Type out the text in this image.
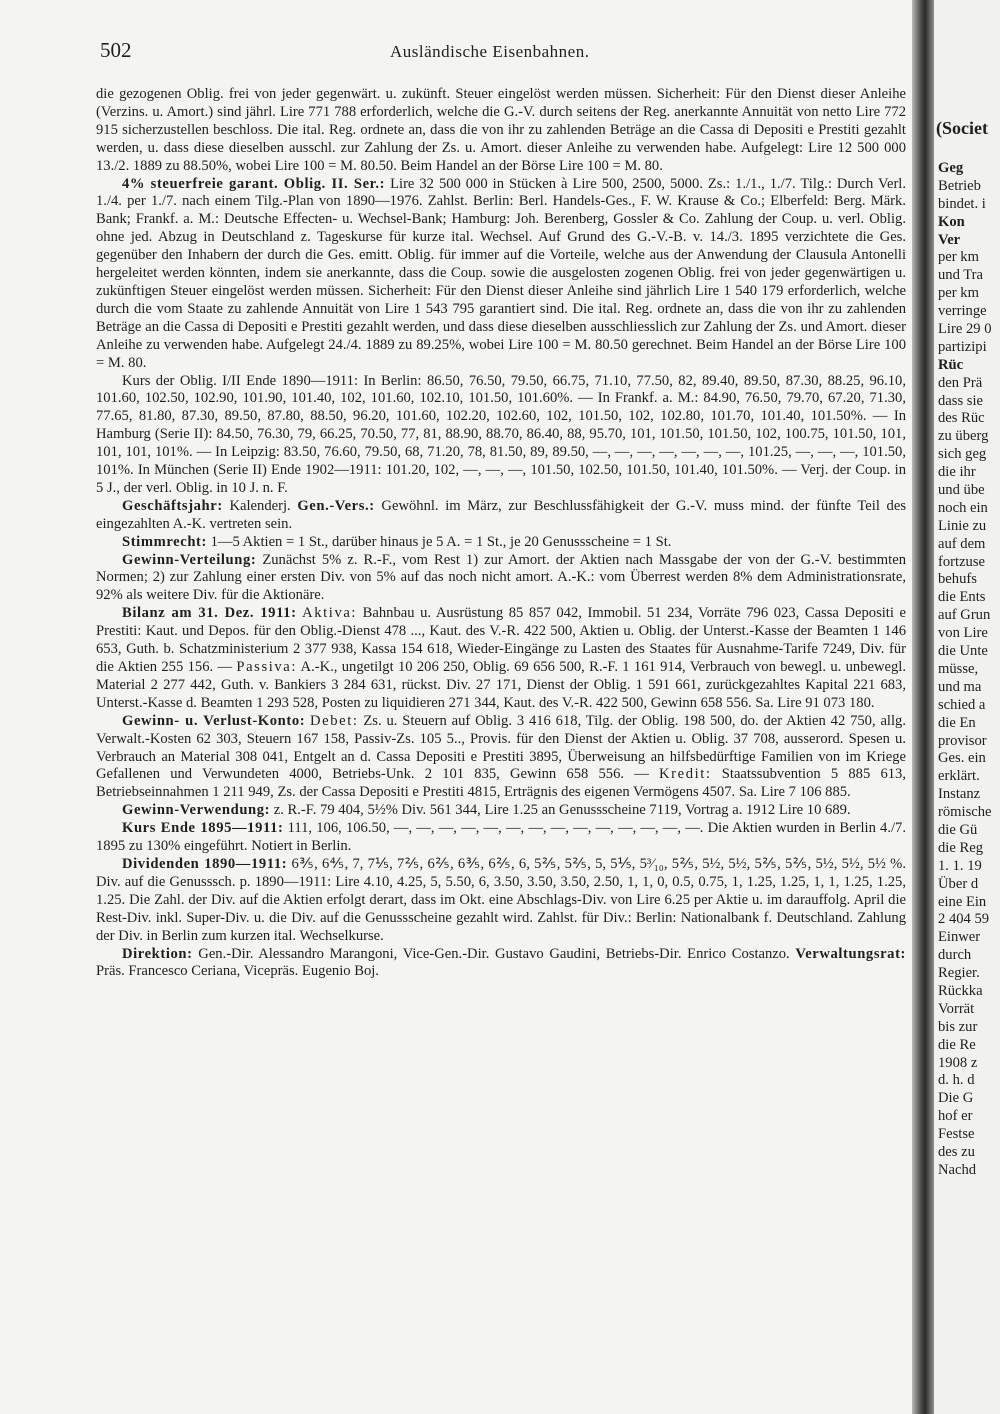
502	Ausländische Eisenbahnen.

die gezogenen Oblig. frei von jeder gegenwärt. u. zukünft. Steuer eingelöst werden müssen. Sicherheit: Für den Dienst dieser Anleihe (Verzins. u. Amort.) sind jährl. Lire 771 788 erforderlich, welche die G.-V. durch seitens der Reg. anerkannte Annuität von netto Lire 772 915 sicherzustellen beschloss. Die ital. Reg. ordnete an, dass die von ihr zu zahlenden Beträge an die Cassa di Depositi e Prestiti gezahlt werden, u. dass diese dieselben ausschl. zur Zahlung der Zs. u. Amort. dieser Anleihe zu verwenden habe. Aufgelegt: Lire 12 500 000 13./2. 1889 zu 88.50%, wobei Lire 100 = M. 80.50. Beim Handel an der Börse Lire 100 = M. 80.

4% steuerfreie garant. Oblig. II. Ser.: Lire 32 500 000 in Stücken à Lire 500, 2500, 5000. Zs.: 1./1., 1./7. Tilg.: Durch Verl. 1./4. per 1./7. nach einem Tilg.-Plan von 1890—1976. Zahlst. Berlin: Berl. Handels-Ges., F. W. Krause & Co.; Elberfeld: Berg. Märk. Bank; Frankf. a. M.: Deutsche Effecten- u. Wechsel-Bank; Hamburg: Joh. Berenberg, Gossler & Co. Zahlung der Coup. u. verl. Oblig. ohne jed. Abzug in Deutschland z. Tageskurse für kurze ital. Wechsel. Auf Grund des G.-V.-B. v. 14./3. 1895 verzichtete die Ges. gegenüber den Inhabern der durch die Ges. emitt. Oblig. für immer auf die Vorteile, welche aus der Anwendung der Clausula Antonelli hergeleitet werden könnten, indem sie anerkannte, dass die Coup. sowie die ausgelosten zogenen Oblig. frei von jeder gegenwärtigen u. zukünftigen Steuer eingelöst werden müssen. Sicherheit: Für den Dienst dieser Anleihe sind jährlich Lire 1 540 179 erforderlich, welche durch die vom Staate zu zahlende Annuität von Lire 1 543 795 garantiert sind. Die ital. Reg. ordnete an, dass die von ihr zu zahlenden Beträge an die Cassa di Depositi e Prestiti gezahlt werden, und dass diese dieselben ausschliesslich zur Zahlung der Zs. und Amort. dieser Anleihe zu verwenden habe. Aufgelegt 24./4. 1889 zu 89.25%, wobei Lire 100 = M. 80.50 gerechnet. Beim Handel an der Börse Lire 100 = M. 80.

Kurs der Oblig. I/II Ende 1890—1911: In Berlin: 86.50, 76.50, 79.50, 66.75, 71.10, 77.50, 82, 89.40, 89.50, 87.30, 88.25, 96.10, 101.60, 102.50, 102.90, 101.90, 101.40, 102, 101.60, 102.10, 101.50, 101.60%. — In Frankf. a. M.: 84.90, 76.50, 79.70, 67.20, 71.30, 77.65, 81.80, 87.30, 89.50, 87.80, 88.50, 96.20, 101.60, 102.20, 102.60, 102, 101.50, 102, 102.80, 101.70, 101.40, 101.50%. — In Hamburg (Serie II): 84.50, 76.30, 79, 66.25, 70.50, 77, 81, 88.90, 88.70, 86.40, 88, 95.70, 101, 101.50, 101.50, 102, 100.75, 101.50, 101, 101, 101, 101%. — In Leipzig: 83.50, 76.60, 79.50, 68, 71.20, 78, 81.50, 89, 89.50, —, —, —, —, —, —, —, 101.25, —, —, —, 101.50, 101%. In München (Serie II) Ende 1902—1911: 101.20, 102, —, —, —, 101.50, 102.50, 101.50, 101.40, 101.50%. — Verj. der Coup. in 5 J., der verl. Oblig. in 10 J. n. F.

Geschäftsjahr: Kalenderj. Gen.-Vers.: Gewöhnl. im März, zur Beschlussfähigkeit der G.-V. muss mind. der fünfte Teil des eingezahlten A.-K. vertreten sein.

Stimmrecht: 1—5 Aktien = 1 St., darüber hinaus je 5 A. = 1 St., je 20 Genussscheine = 1 St.

Gewinn-Verteilung: Zunächst 5% z. R.-F., vom Rest 1) zur Amort. der Aktien nach Massgabe der von der G.-V. bestimmten Normen; 2) zur Zahlung einer ersten Div. von 5% auf das noch nicht amort. A.-K.: vom Überrest werden 8% dem Administrationsrate, 92% als weitere Div. für die Aktionäre.

Bilanz am 31. Dez. 1911: Aktiva: Bahnbau u. Ausrüstung 85 857 042, Immobil. 51 234, Vorräte 796 023, Cassa Depositi e Prestiti: Kaut. und Depos. für den Oblig.-Dienst 478 ..., Kaut. des V.-R. 422 500, Aktien u. Oblig. der Unterst.-Kasse der Beamten 1 146 653, Guth. b. Schatzministerium 2 377 938, Kassa 154 618, Wieder-Eingänge zu Lasten des Staates für Ausnahme-Tarife 7249, Div. für die Aktien 255 156. — Passiva: A.-K., ungetilgt 10 206 250, Oblig. 69 656 500, R.-F. 1 161 914, Verbrauch von bewegl. u. unbewegl. Material 2 277 442, Guth. v. Bankiers 3 284 631, rückst. Div. 27 171, Dienst der Oblig. 1 591 661, zurückgezahltes Kapital 221 683, Unterst.-Kasse d. Beamten 1 293 528, Posten zu liquidieren 271 344, Kaut. des V.-R. 422 500, Gewinn 658 556. Sa. Lire 91 073 180.

Gewinn- u. Verlust-Konto: Debet: Zs. u. Steuern auf Oblig. 3 416 618, Tilg. der Oblig. 198 500, do. der Aktien 42 750, allg. Verwalt.-Kosten 62 303, Steuern 167 158, Passiv-Zs. 105 5.., Provis. für den Dienst der Aktien u. Oblig. 37 708, ausserord. Spesen u. Verbrauch an Material 308 041, Entgelt an d. Cassa Depositi e Prestiti 3895, Überweisung an hilfsbedürftige Familien von im Kriege Gefallenen und Verwundeten 4000, Betriebs-Unk. 2 101 835, Gewinn 658 556. — Kredit: Staatssubvention 5 885 613, Betriebseinnahmen 1 211 949, Zs. der Cassa Depositi e Prestiti 4815, Erträgnis des eigenen Vermögens 4507. Sa. Lire 7 106 885.

Gewinn-Verwendung: z. R.-F. 79 404, 5½% Div. 561 344, Lire 1.25 an Genussscheine 7119, Vortrag a. 1912 Lire 10 689.

Kurs Ende 1895—1911: 111, 106, 106.50, —, —, —, —, —, —, —, —, —, —, —, —, —, —. Die Aktien wurden in Berlin 4./7. 1895 zu 130% eingeführt. Notiert in Berlin.

Dividenden 1890—1911: 6⅗, 6⅘, 7, 7⅕, 7⅖, 6⅖, 6⅗, 6⅖, 6, 5⅖, 5⅖, 5, 5⅕, 5³⁄₁₀, 5⅖, 5½, 5½, 5⅖, 5⅖, 5½, 5½, 5½ %. Div. auf die Genusssch. p. 1890—1911: Lire 4.10, 4.25, 5, 5.50, 6, 3.50, 3.50, 3.50, 2.50, 1, 1, 0, 0.5, 0.75, 1, 1.25, 1.25, 1, 1, 1.25, 1.25, 1.25. Die Zahl. der Div. auf die Aktien erfolgt derart, dass im Okt. eine Abschlags-Div. von Lire 6.25 per Aktie u. im darauffolg. April die Rest-Div. inkl. Super-Div. u. die Div. auf die Genussscheine gezahlt wird. Zahlst. für Div.: Berlin: Nationalbank f. Deutschland. Zahlung der Div. in Berlin zum kurzen ital. Wechselkurse.

Direktion: Gen.-Dir. Alessandro Marangoni, Vice-Gen.-Dir. Gustavo Gaudini, Betriebs-Dir. Enrico Costanzo. Verwaltungsrat: Präs. Francesco Ceriana, Vicepräs. Eugenio Boj.

(Societ
Geg
Betrieb
bindet. i
Kon
Ver
per km
und Tra
per km
verringe
Lire 29 0
partizipi
Rüc
den Prä
dass sie
des Rüc
zu überg
sich geg
die ihr
und übe
noch ein
Linie zu
auf dem
fortzuse
behufs
die Ents
auf Grun
von Lire
die Unte
müsse,
und ma
schied a
die En
provisor
Ges. ein
erklärt.
Instanz
römische
die Gü
die Reg
1. 1. 19
Über d
eine Ein
2 404 59
Einwer
durch
Regier.
Rückka
Vorrät
bis zur
die Re
1908 z
d. h. d
Die G
hof er
Festse
des zu
Nachd
